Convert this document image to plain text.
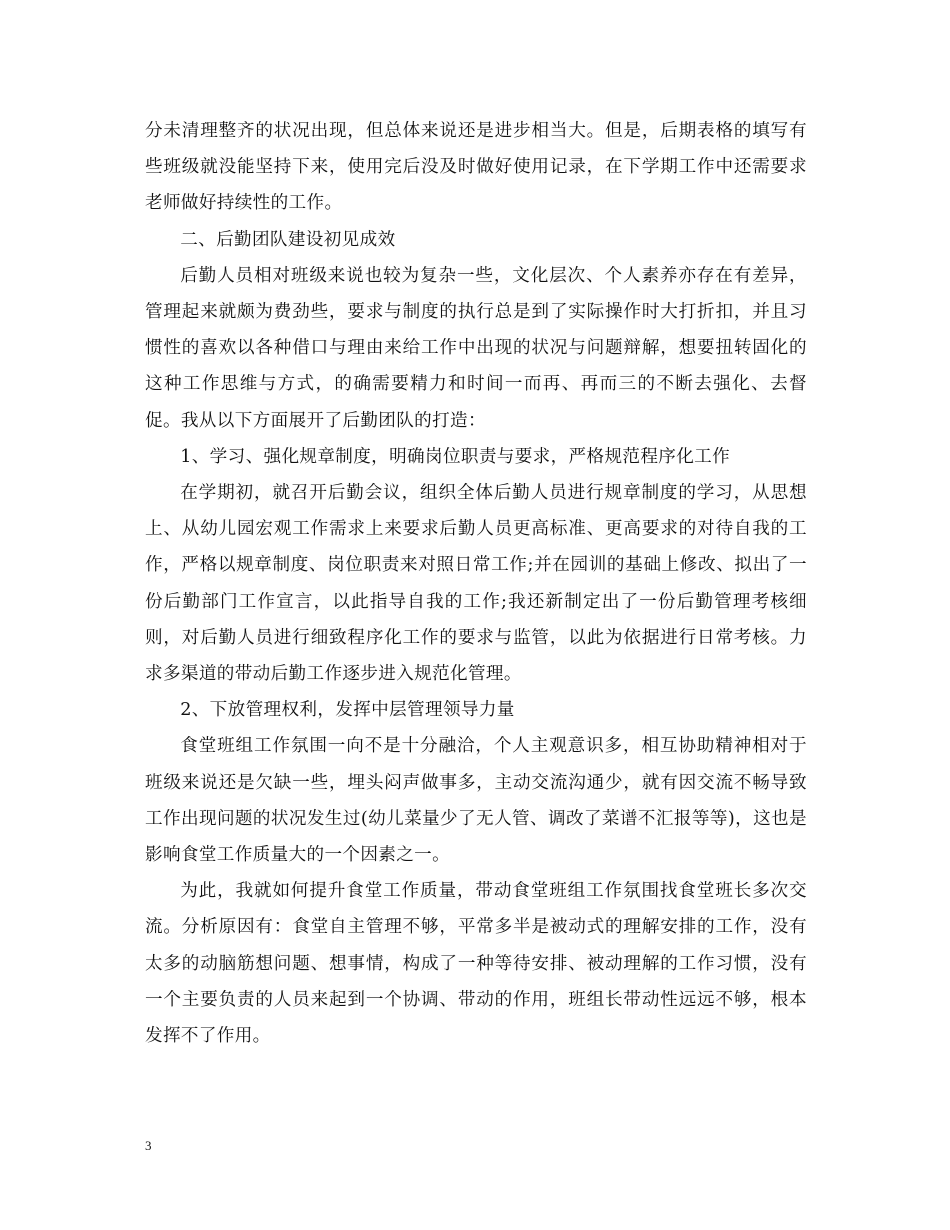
分未清理整齐的状况出现，但总体来说还是进步相当大。但是，后期表格的填写有些班级就没能坚持下来，使用完后没及时做好使用记录，在下学期工作中还需要求老师做好持续性的工作。

二、后勤团队建设初见成效

后勤人员相对班级来说也较为复杂一些，文化层次、个人素养亦存在有差异，管理起来就颇为费劲些，要求与制度的执行总是到了实际操作时大打折扣，并且习惯性的喜欢以各种借口与理由来给工作中出现的状况与问题辩解，想要扭转固化的这种工作思维与方式，的确需要精力和时间一而再、再而三的不断去强化、去督促。我从以下方面展开了后勤团队的打造：

1、学习、强化规章制度，明确岗位职责与要求，严格规范程序化工作

在学期初，就召开后勤会议，组织全体后勤人员进行规章制度的学习，从思想上、从幼儿园宏观工作需求上来要求后勤人员更高标准、更高要求的对待自我的工作，严格以规章制度、岗位职责来对照日常工作;并在园训的基础上修改、拟出了一份后勤部门工作宣言，以此指导自我的工作;我还新制定出了一份后勤管理考核细则，对后勤人员进行细致程序化工作的要求与监管，以此为依据进行日常考核。力求多渠道的带动后勤工作逐步进入规范化管理。

2、下放管理权利，发挥中层管理领导力量

食堂班组工作氛围一向不是十分融洽，个人主观意识多，相互协助精神相对于班级来说还是欠缺一些，埋头闷声做事多，主动交流沟通少，就有因交流不畅导致工作出现问题的状况发生过(幼儿菜量少了无人管、调改了菜谱不汇报等等)，这也是影响食堂工作质量大的一个因素之一。

为此，我就如何提升食堂工作质量，带动食堂班组工作氛围找食堂班长多次交流。分析原因有：食堂自主管理不够，平常多半是被动式的理解安排的工作，没有太多的动脑筋想问题、想事情，构成了一种等待安排、被动理解的工作习惯，没有一个主要负责的人员来起到一个协调、带动的作用，班组长带动性远远不够，根本发挥不了作用。

3
